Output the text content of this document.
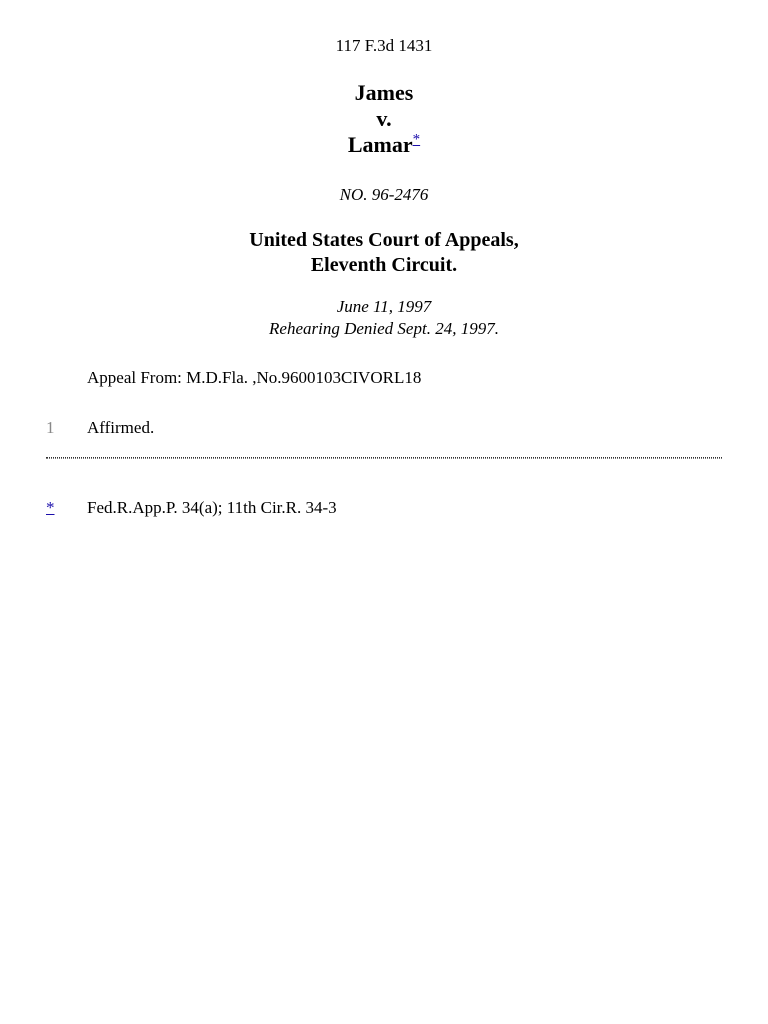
117 F.3d 1431
James
v.
Lamar*
NO. 96-2476
United States Court of Appeals,
Eleventh Circuit.
June 11, 1997
Rehearing Denied Sept. 24, 1997.
Appeal From: M.D.Fla. ,No.9600103CIVORL18
1 Affirmed.
* Fed.R.App.P. 34(a); 11th Cir.R. 34-3
